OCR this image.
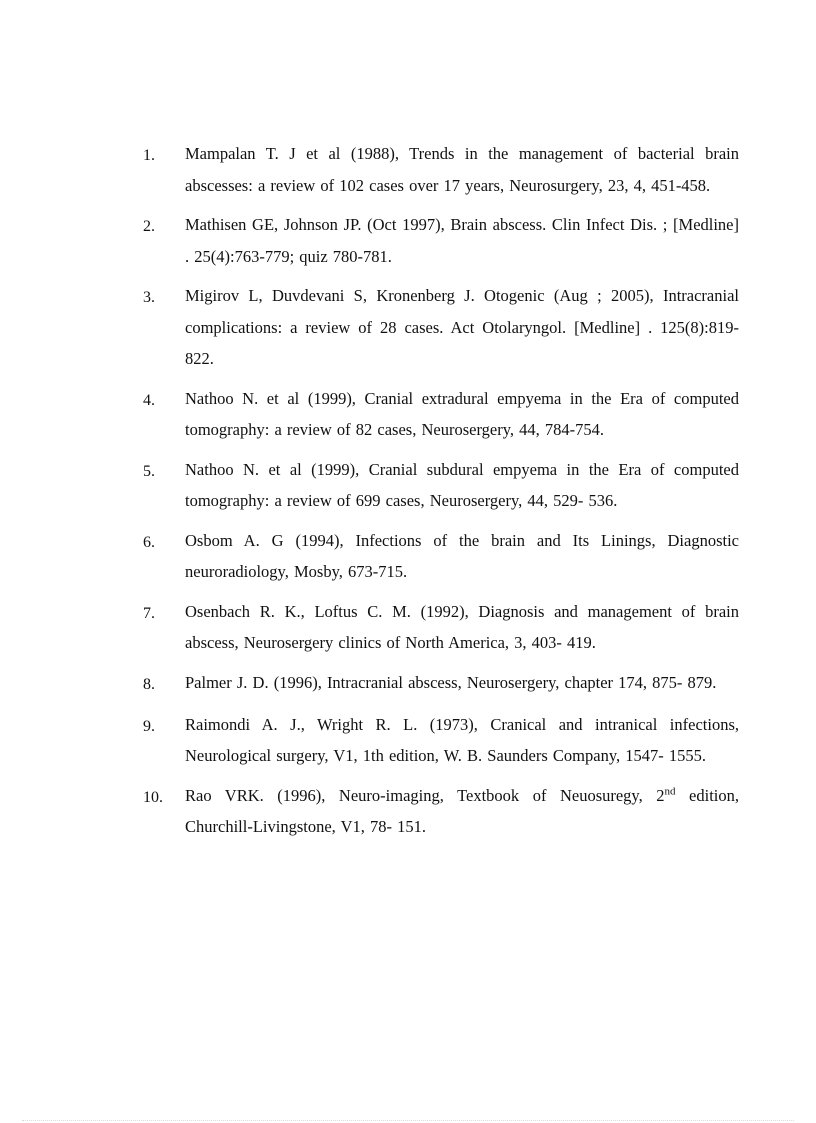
1.	Mampalan T. J et al (1988), Trends in the management of bacterial brain abscesses: a review of 102 cases over 17 years, Neurosurgery, 23, 4, 451-458.
2.	Mathisen GE, Johnson JP. (Oct 1997), Brain abscess. Clin Infect Dis. ; [Medline] . 25(4):763-779; quiz 780-781.
3.	Migirov L, Duvdevani S, Kronenberg J. Otogenic (Aug ; 2005), Intracranial complications: a review of 28 cases. Act Otolaryngol. [Medline] . 125(8):819-822.
4.	Nathoo N. et al (1999), Cranial extradural empyema in the Era of computed tomography: a review of 82 cases, Neurosergery, 44, 784-754.
5.	Nathoo N. et al (1999), Cranial subdural empyema in the Era of computed tomography: a review of 699 cases, Neurosergery, 44, 529- 536.
6.	Osbom A. G (1994), Infections of the brain and Its Linings, Diagnostic neuroradiology, Mosby, 673-715.
7.	Osenbach R. K., Loftus C. M. (1992), Diagnosis and management of brain abscess, Neurosergery clinics of North America, 3, 403- 419.
8.	Palmer J. D. (1996), Intracranial abscess, Neurosergery, chapter 174, 875- 879.
9.	Raimondi A. J., Wright R. L. (1973), Cranical and intranical infections, Neurological surgery, V1, 1th edition, W. B. Saunders Company, 1547- 1555.
10.	Rao VRK. (1996), Neuro-imaging, Textbook of Neuosuregy, 2nd edition, Churchill-Livingstone, V1, 78- 151.
